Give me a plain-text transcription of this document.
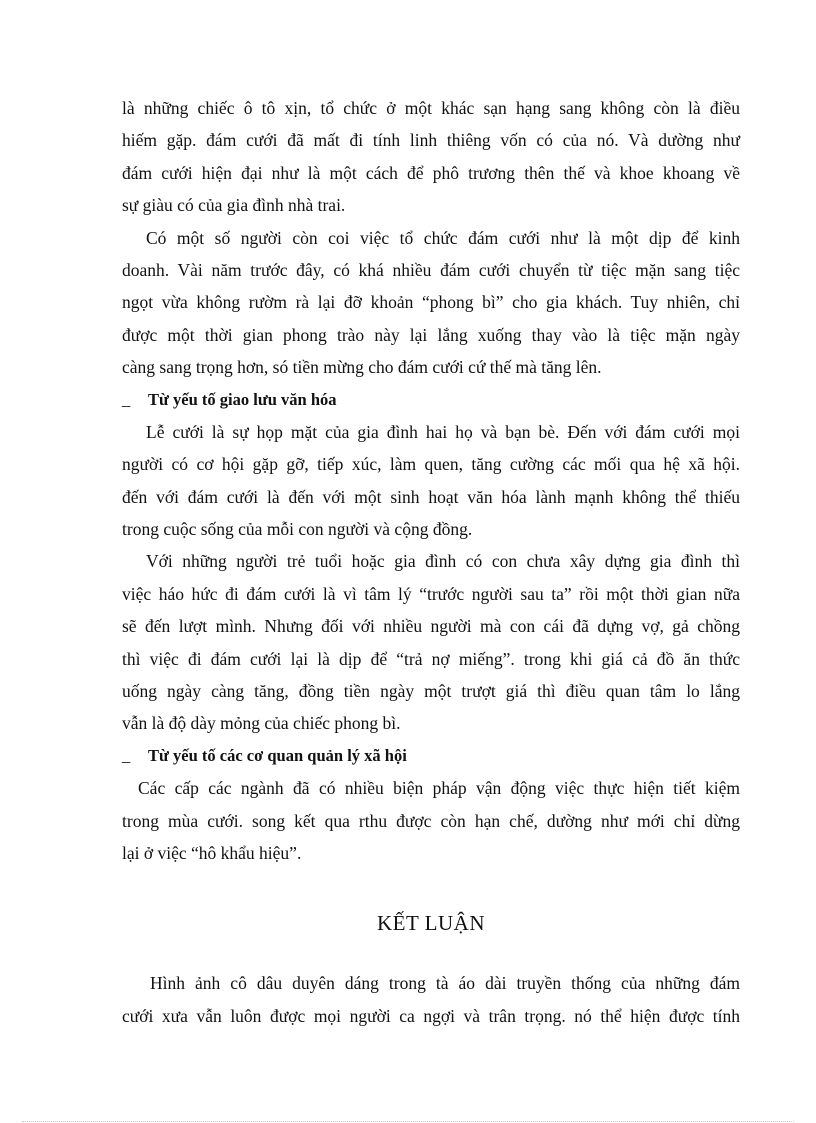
là những chiếc ô tô xịn, tổ chức ở một khác sạn hạng sang không còn là điều
hiếm gặp. đám cưới đã mất đi tính linh thiêng vốn có của nó. Và dường như
đám cưới hiện đại như là một cách để phô trương thên thế và khoe khoang về
sự giàu có của gia đình nhà trai.
Có một số người còn coi việc tổ chức đám cưới như là một dịp để kinh
doanh. Vài năm trước đây, có khá nhiều đám cưới chuyển từ tiệc mặn sang tiệc
ngọt vừa không rườm rà lại đỡ khoản “phong bì” cho gia khách. Tuy nhiên, chỉ
được một thời gian phong trào này lại lắng xuống thay vào là tiệc mặn ngày
càng sang trọng hơn, só tiền mừng cho đám cưới cứ thế mà tăng lên.
_ Từ yếu tố giao lưu văn hóa
Lễ cưới là sự họp mặt của gia đình hai họ và bạn bè. Đến với đám cưới mọi
người có cơ hội gặp gỡ, tiếp xúc, làm quen, tăng cường các mối qua hệ xã hội.
đến với đám cưới là đến với một sinh hoạt văn hóa lành mạnh không thể thiếu
trong cuộc sống của mỗi con người và cộng đồng.
Với những người trẻ tuổi hoặc gia đình có con chưa xây dựng gia đình thì
việc háo hức đi đám cưới là vì tâm lý “trước người sau ta” rồi một thời gian nữa
sẽ đến lượt mình. Nhưng đối với nhiều người mà con cái đã dựng vợ, gả chồng
thì việc đi đám cưới lại là dịp để “trả nợ miếng”. trong khi giá cả đồ ăn thức
uống ngày càng tăng, đồng tiền ngày một trượt giá thì điều quan tâm lo lắng
vẫn là độ dày mỏng của chiếc phong bì.
_ Từ yếu tố các cơ quan quản lý xã hội
Các cấp các ngành đã có nhiều biện pháp vận động việc thực hiện tiết kiệm
trong mùa cưới. song kết qua rthu được còn hạn chế, dường như mới chỉ dừng
lại ở việc “hô khẩu hiệu”.
KẾT LUẬN
Hình ảnh cô dâu duyên dáng trong tà áo dài truyền thống của những đám
cưới xưa vẫn luôn được mọi người ca ngợi và trân trọng. nó thể hiện được tính
